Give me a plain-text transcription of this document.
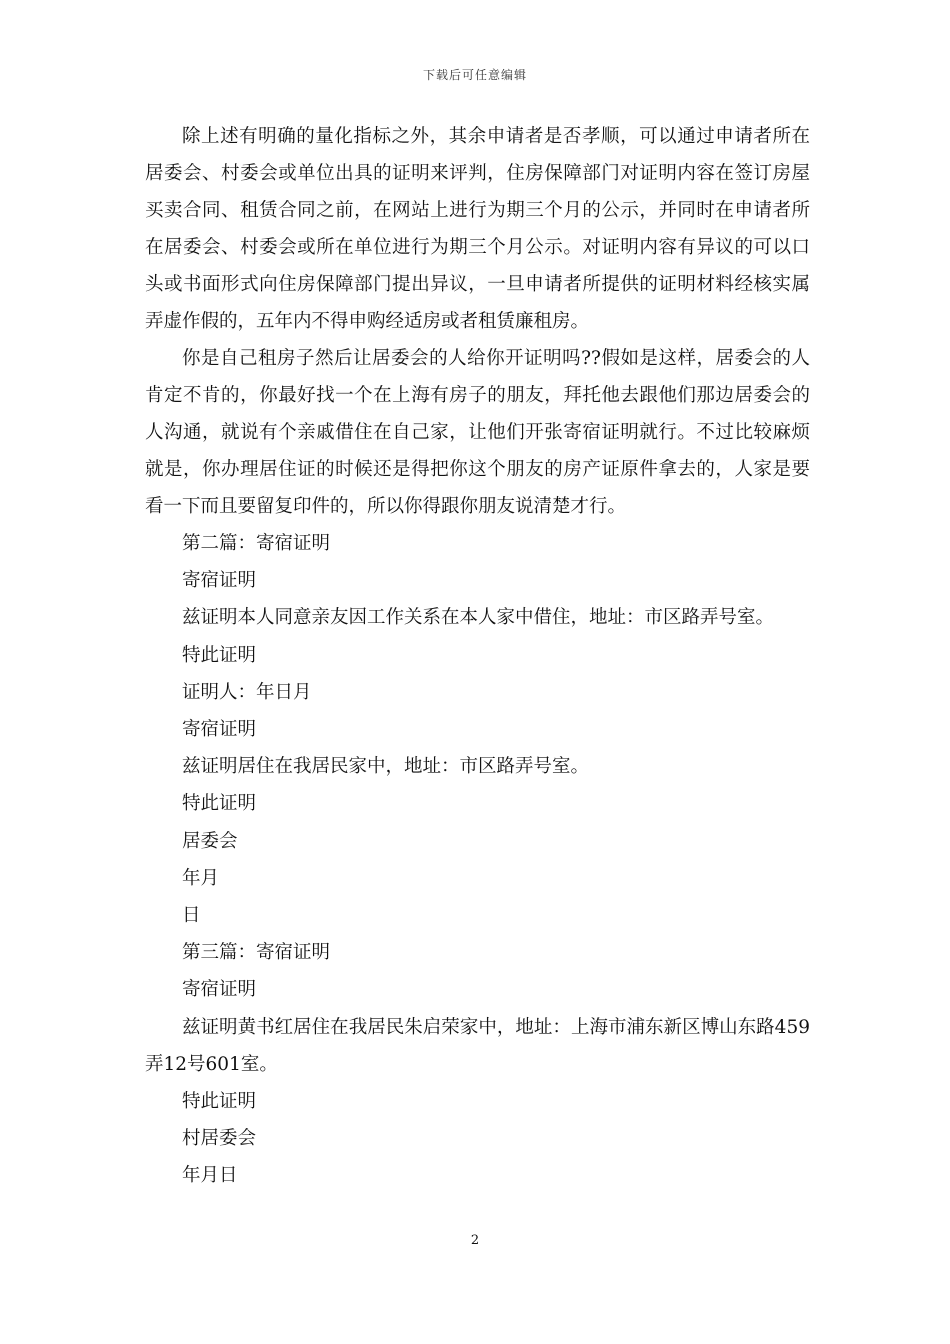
下载后可任意编辑

除上述有明确的量化指标之外，其余申请者是否孝顺，可以通过申请者所在居委会、村委会或单位出具的证明来评判，住房保障部门对证明内容在签订房屋买卖合同、租赁合同之前，在网站上进行为期三个月的公示，并同时在申请者所在居委会、村委会或所在单位进行为期三个月公示。对证明内容有异议的可以口头或书面形式向住房保障部门提出异议，一旦申请者所提供的证明材料经核实属弄虚作假的，五年内不得申购经适房或者租赁廉租房。

你是自己租房子然后让居委会的人给你开证明吗??假如是这样，居委会的人肯定不肯的，你最好找一个在上海有房子的朋友，拜托他去跟他们那边居委会的人沟通，就说有个亲戚借住在自己家，让他们开张寄宿证明就行。不过比较麻烦就是，你办理居住证的时候还是得把你这个朋友的房产证原件拿去的，人家是要看一下而且要留复印件的，所以你得跟你朋友说清楚才行。

第二篇：寄宿证明

寄宿证明

兹证明本人同意亲友因工作关系在本人家中借住，地址：市区路弄号室。

特此证明

证明人：年日月

寄宿证明

兹证明居住在我居民家中，地址：市区路弄号室。

特此证明

居委会

年月

日

第三篇：寄宿证明

寄宿证明

兹证明黄书红居住在我居民朱启荣家中，地址：上海市浦东新区博山东路459弄12号601室。

特此证明

村居委会

年月日

2
